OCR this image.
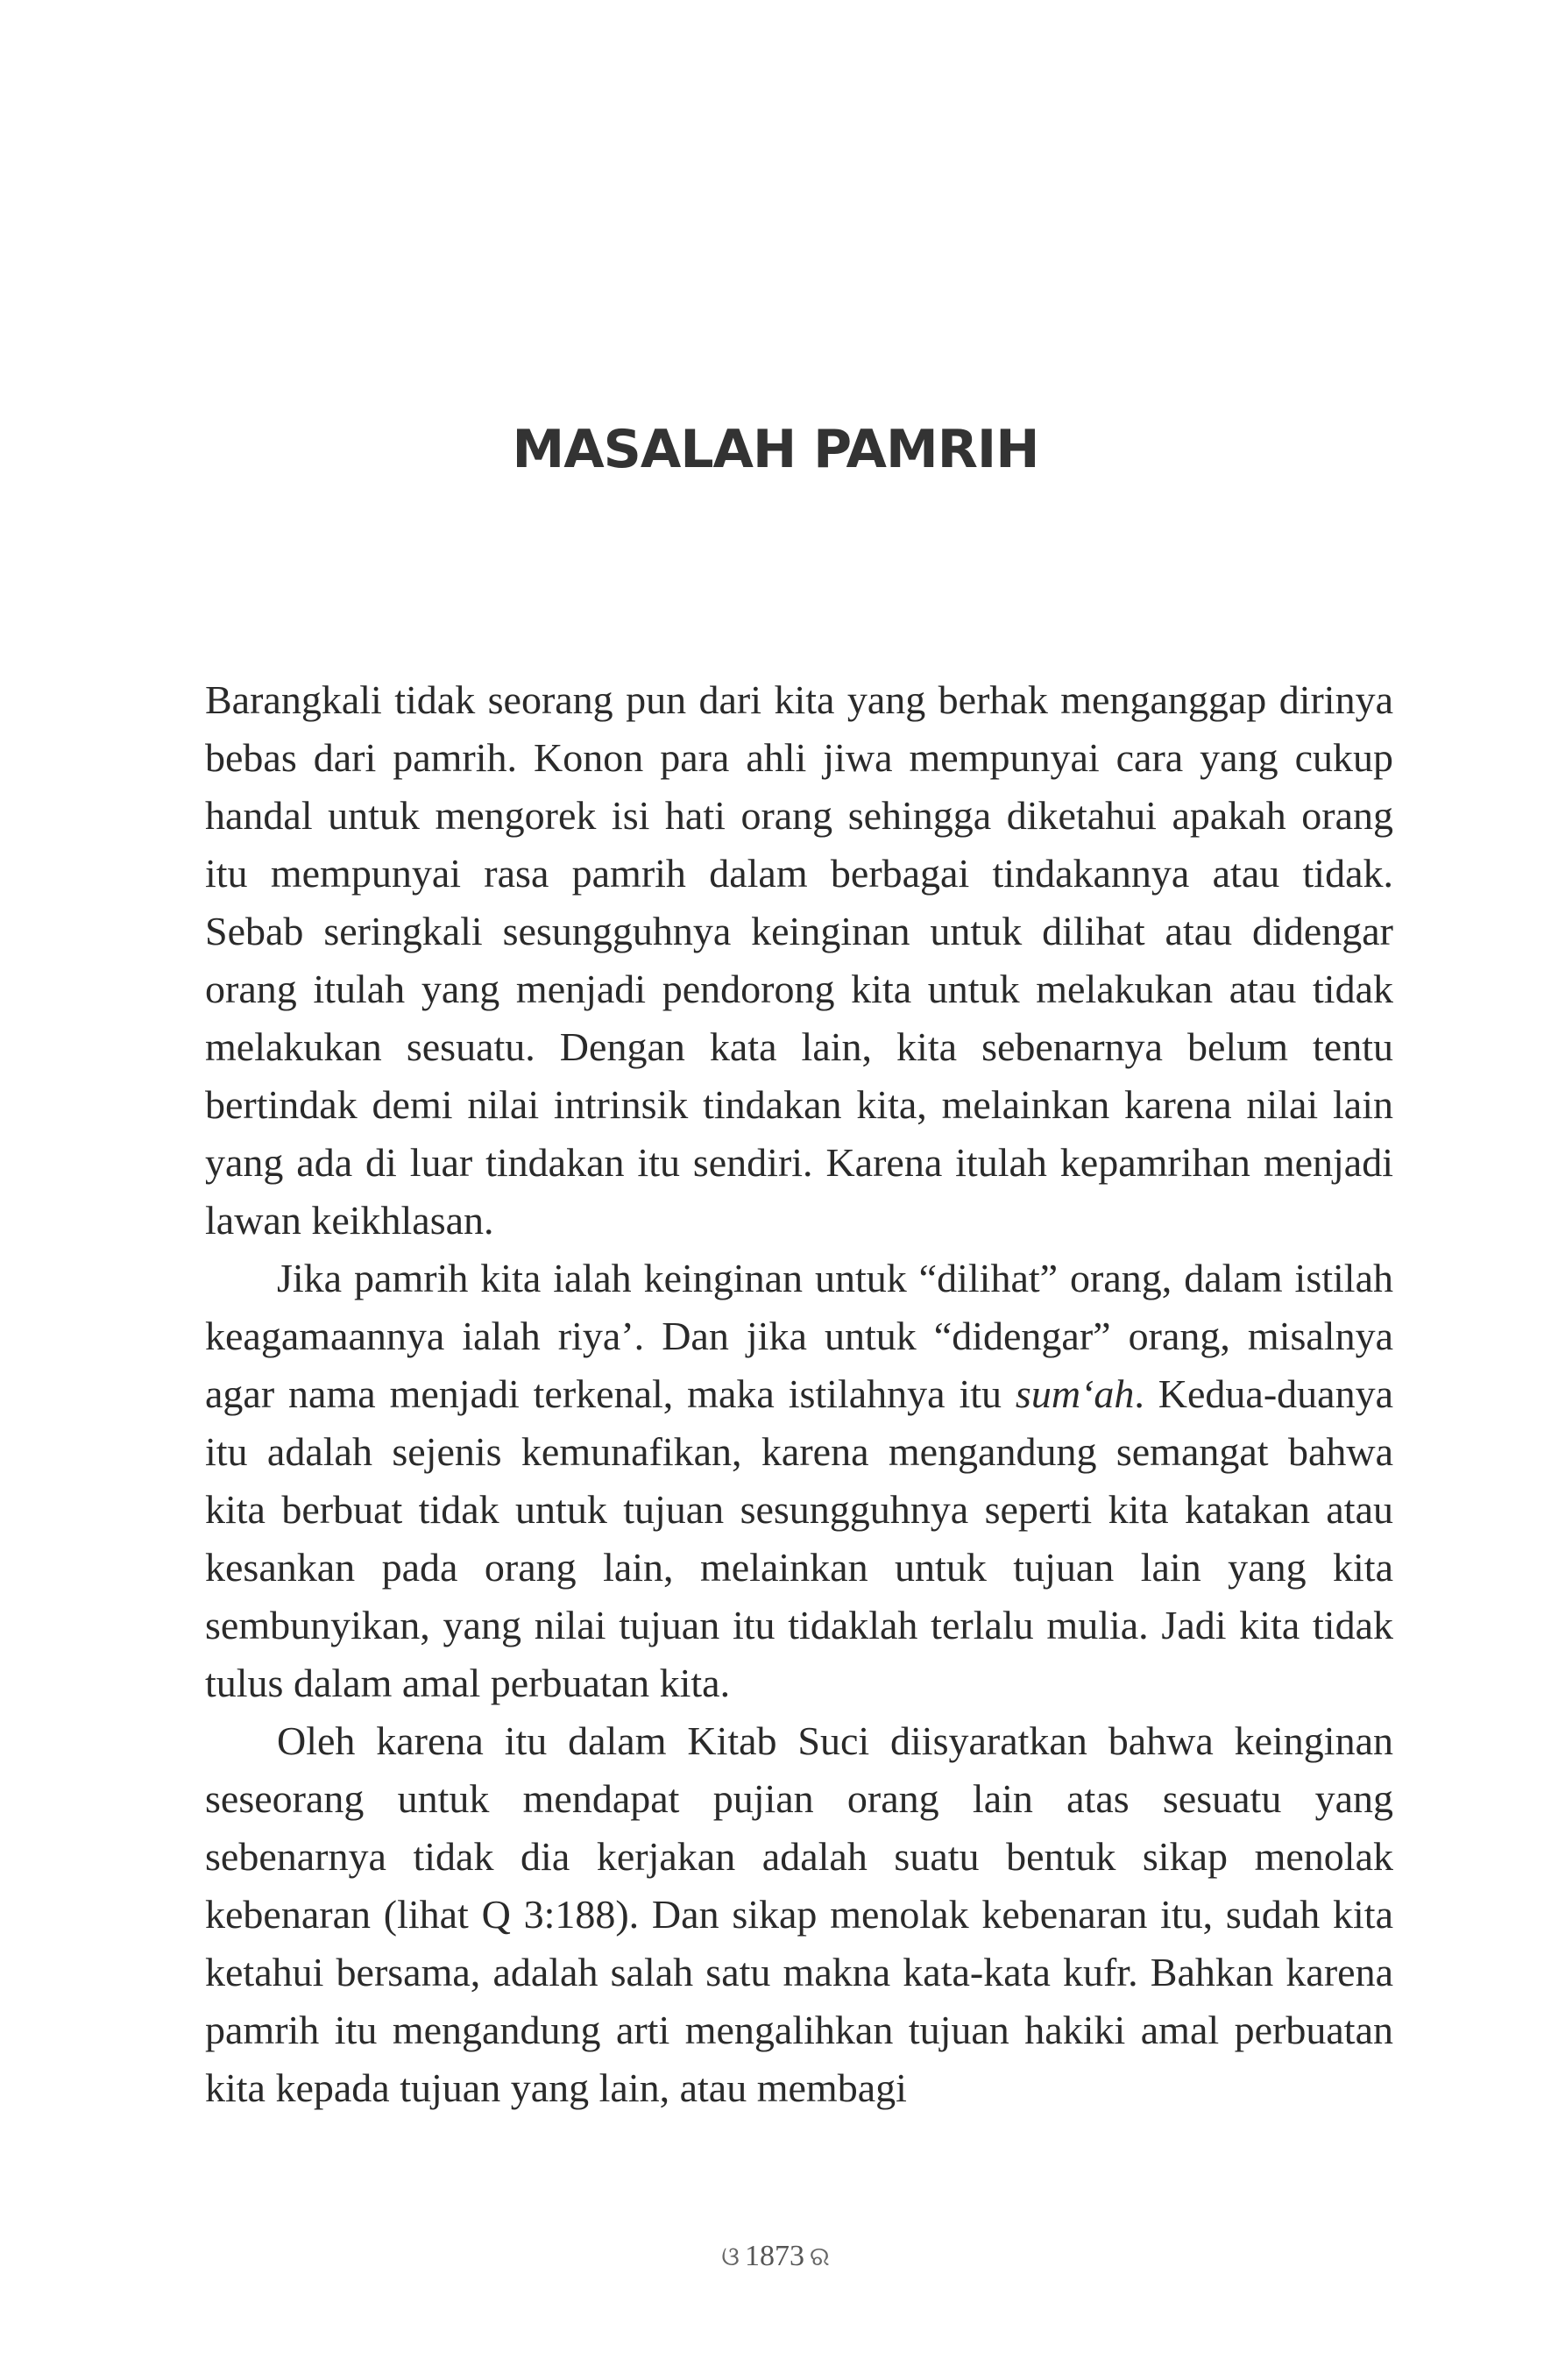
MASALAH PAMRIH

Barangkali tidak seorang pun dari kita yang berhak menganggap dirinya bebas dari pamrih. Konon para ahli jiwa mempunyai cara yang cukup handal untuk mengorek isi hati orang sehingga diketahui apakah orang itu mempunyai rasa pamrih dalam berbagai tindakannya atau tidak. Sebab seringkali sesungguhnya keinginan untuk dilihat atau didengar orang itulah yang menjadi pendorong kita untuk melakukan atau tidak melakukan sesuatu. Dengan kata lain, kita sebenarnya belum tentu bertindak demi nilai intrinsik tindakan kita, melainkan karena nilai lain yang ada di luar tindakan itu sendiri. Karena itulah kepamrihan menjadi lawan keikhlasan.

Jika pamrih kita ialah keinginan untuk “dilihat” orang, dalam istilah keagamaannya ialah riya’. Dan jika untuk “didengar” orang, misalnya agar nama menjadi terkenal, maka istilahnya itu sum‘ah. Kedua-duanya itu adalah sejenis kemunafikan, karena mengandung semangat bahwa kita berbuat tidak untuk tujuan sesungguhnya seperti kita katakan atau kesankan pada orang lain, melainkan untuk tujuan lain yang kita sembunyikan, yang nilai tujuan itu tidaklah terlalu mulia. Jadi kita tidak tulus dalam amal perbuatan kita.

Oleh karena itu dalam Kitab Suci diisyaratkan bahwa keinginan seseorang untuk mendapat pujian orang lain atas sesuatu yang sebenarnya tidak dia kerjakan adalah suatu bentuk sikap menolak kebenaran (lihat Q 3:188). Dan sikap menolak kebenaran itu, sudah kita ketahui bersama, adalah salah satu makna kata-kata kufr. Bahkan karena pamrih itu mengandung arti mengalihkan tujuan hakiki amal perbuatan kita kepada tujuan yang lain, atau membagi

ଓ 1873 ର
